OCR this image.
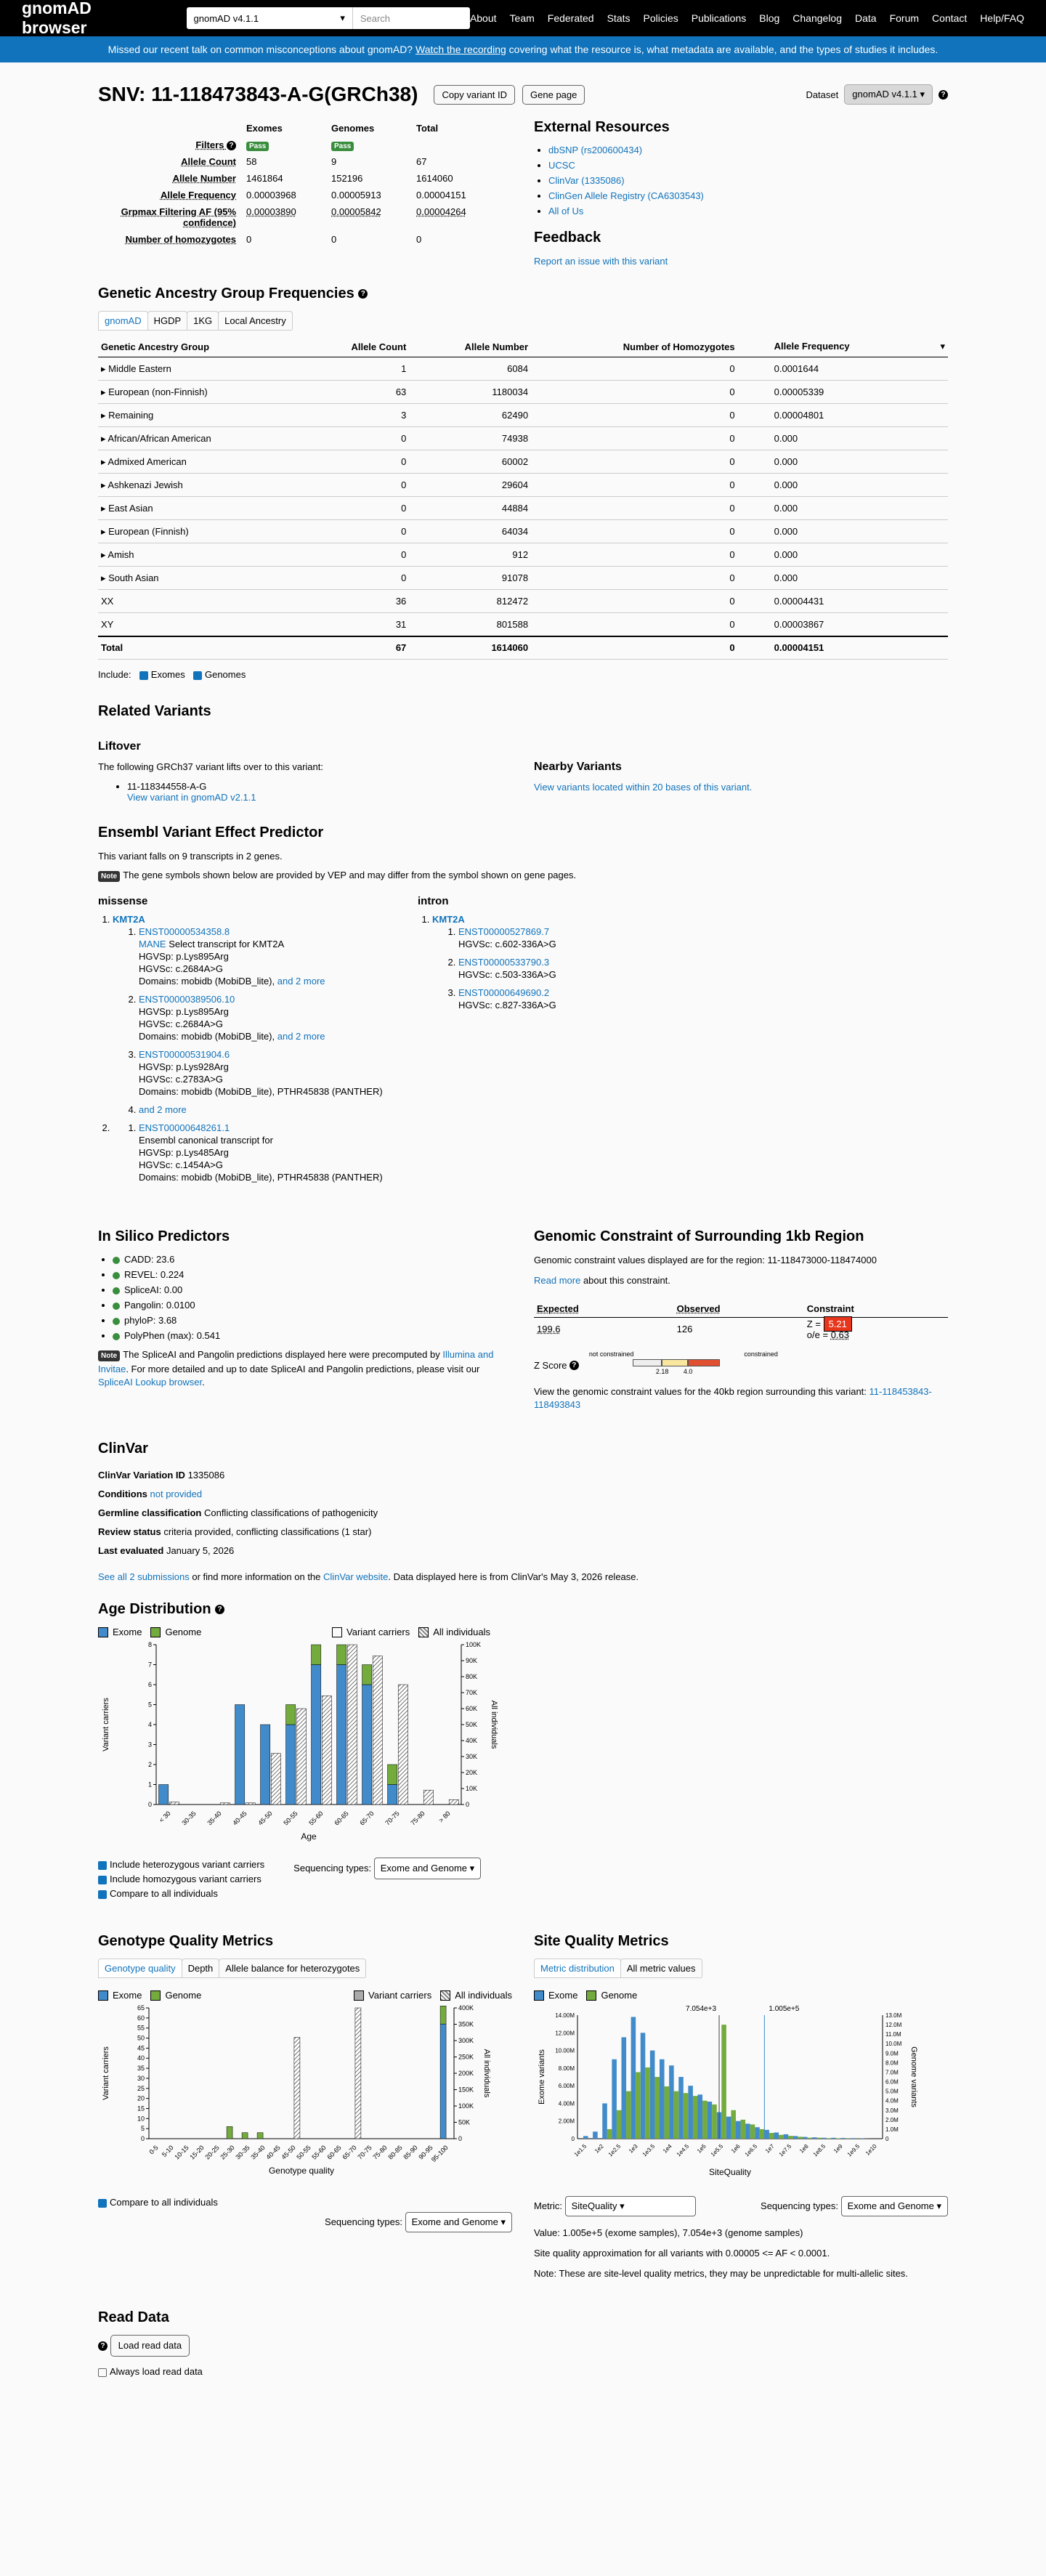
gnomAD browser	gnomAD v4.1.1	▾	Search	About Team Federated Stats Policies Publications Blog Changelog Data Forum Contact Help/FAQ
Missed our recent talk on common misconceptions about gnomAD?
Watch the recording
covering what the resource is, what metadata are available, and the types of studies it includes.
SNV: 11-118473843-A-G(GRCh38)	Copy variant ID	Gene page	Dataset	gnomAD v4.1.1 ▾	?
	Exomes	Genomes	Total
Filters ?	Pass	Pass	
Allele Count	58	9	67
Allele Number	1461864	152196	1614060
Allele Frequency	0.00003968	0.00005913	0.00004151
Grpmax Filtering AF (95% confidence)	0.00003890	0.00005842	0.00004264
Number of homozygotes	0	0	0
External Resources
• dbSNP (rs200600434)
• UCSC
• ClinVar (1335086)
• ClinGen Allele Registry (CA6303543)
• All of Us
Feedback
Report an issue with this variant
Genetic Ancestry Group Frequencies ?
gnomAD	HGDP	1KG	Local Ancestry
Genetic Ancestry Group	Allele Count	Allele Number	Number of Homozygotes	Allele Frequency ▾

▸ Middle Eastern	1	6084	0	0.0001644
▸ European (non-Finnish)	63	1180034	0	0.00005339
▸ Remaining	3	62490	0	0.00004801
▸ African/African American	0	74938	0	0.000
▸ Admixed American	0	60002	0	0.000
▸ Ashkenazi Jewish	0	29604	0	0.000
▸ East Asian	0	44884	0	0.000
▸ European (Finnish)	0	64034	0	0.000
▸ Amish	0	912	0	0.000
▸ South Asian	0	91078	0	0.000
XX	36	812472	0	0.00004431
XY	31	801588	0	0.00003867
Total	67	1614060	0	0.00004151
Include: Exomes Genomes
Related Variants
Liftover

The following GRCh37 variant lifts over to this variant:

• 11-118344558-A-G
View variant in gnomAD v2.1.1
Nearby Variants
View variants located within 20 bases of this variant.
Ensembl Variant Effect Predictor

This variant falls on 9 transcripts in 2 genes.

Note The gene symbols shown below are provided by VEP and may differ from the symbol shown on gene pages.

missense
1. KMT2A
1. ENST00000534358.8
MANE Select transcript for KMT2A
HGVSp: p.Lys895Arg
HGVSc: c.2684A>G
Domains: mobidb (MobiDB_lite), and 2 more
2. ENST00000389506.10
HGVSp: p.Lys895Arg
HGVSc: c.2684A>G
Domains: mobidb (MobiDB_lite), and 2 more
3. ENST00000531904.6
HGVSp: p.Lys928Arg
HGVSc: c.2783A>G
Domains: mobidb (MobiDB_lite), PTHR45838 (PANTHER)
4. and 2 more
1. 2. ENST00000648261.1
Ensembl canonical transcript for
HGVSp: p.Lys485Arg
HGVSc: c.1454A>G
Domains: mobidb (MobiDB_lite), PTHR45838 (PANTHER)
intron
1. KMT2A
1. ENST00000527869.7
HGVSc: c.602-336A>G
2. ENST00000533790.3
HGVSc: c.503-336A>G
3. ENST00000649690.2
HGVSc: c.827-336A>G
In Silico Predictors
• CADD: 23.6
• REVEL: 0.224
• SpliceAI: 0.00
• Pangolin: 0.0100
• phyloP: 3.68
• PolyPhen (max): 0.541

Note The SpliceAI and Pangolin predictions displayed here were precomputed by Illumina and Invitae. For more detailed and up to date SpliceAI and Pangolin predictions, please visit our SpliceAI Lookup browser.

Genomic Constraint of Surrounding 1kb Region

Genomic constraint values displayed are for the region: 11-118473000-118474000

Read more about this constraint.

Expected	Observed	Constraint
199.6	126	Z = 5.21
o/e = 0.63
Z Score
?
not constrained	constrained
2.18 4.0

View the genomic constraint values for the 40kb region surrounding this variant: 11-118453843-118493843

ClinVar
ClinVar Variation ID 1335086
Conditions not provided
Germline classification Conflicting classifications of pathogenicity
Review status criteria provided, conflicting classifications (1 star)
Last evaluated January 5, 2026

See all 2 submissions or find more information on the ClinVar website. Data displayed here is from ClinVar's May 3, 2026 release.

Age Distribution ?
Exome Genome	Variant carriers All individuals
0
1
2
3
4
5
6
7
8
0
10K
20K
30K
40K
50K
60K
70K
80K
90K
100K
< 30 30-35 35-40 40-45 45-50 50-55 55-60 60-65 65-70 70-75 75-80 > 80
Variant carriers	All individuals
Age
Include heterozygous variant carriers
Include homozygous variant carriers
Compare to all individuals
Sequencing types: Exome and Genome ▾
Genotype Quality Metrics
Genotype quality	Depth	Allele balance for heterozygotes
Exome Genome	Variant carriers All individuals
0
5
10
15
20
25
30
35
40
45
50
55
60
65
0
50K
100K
150K
200K
250K
300K
350K
400K
0-5 5-10
10-15
15-20
20-25
25-30
30-35
35-40
40-45
45-50
50-55
55-60
60-65
65-70
70-75
75-80
80-85
85-90
90-95
95-100
Variant carriers	All individuals
Genotype quality
Compare to all individuals
Sequencing types: Exome and Genome ▾
Site Quality Metrics
Metric distribution	All metric values
Exome Genome
0
2.00M
4.00M
6.00M
8.00M
10.00M
12.00M
14.00M
0
1.0M
2.0M
3.0M
4.0M
5.0M
6.0M
7.0M
8.0M
9.0M
10.0M
11.0M
12.0M
13.0M
7.054e+3	1.005e+5
1e1.5 1e2 1e2.5 1e3 1e3.5 1e4 1e4.5 1e5 1e5.5 1e6 1e6.5 1e7 1e7.5 1e8 1e8.5 1e9 1e9.5 1e10
Exome variants	Genome variants
SiteQuality
Metric: SiteQuality ▾	Sequencing types: Exome and Genome ▾

Value: 1.005e+5 (exome samples), 7.054e+3 (genome samples)

Site quality approximation for all variants with 0.00005 <= AF < 0.0001.

Note: These are site-level quality metrics, they may be unpredictable for multi-allelic sites.

Read Data
? Load read data
Always load read data
